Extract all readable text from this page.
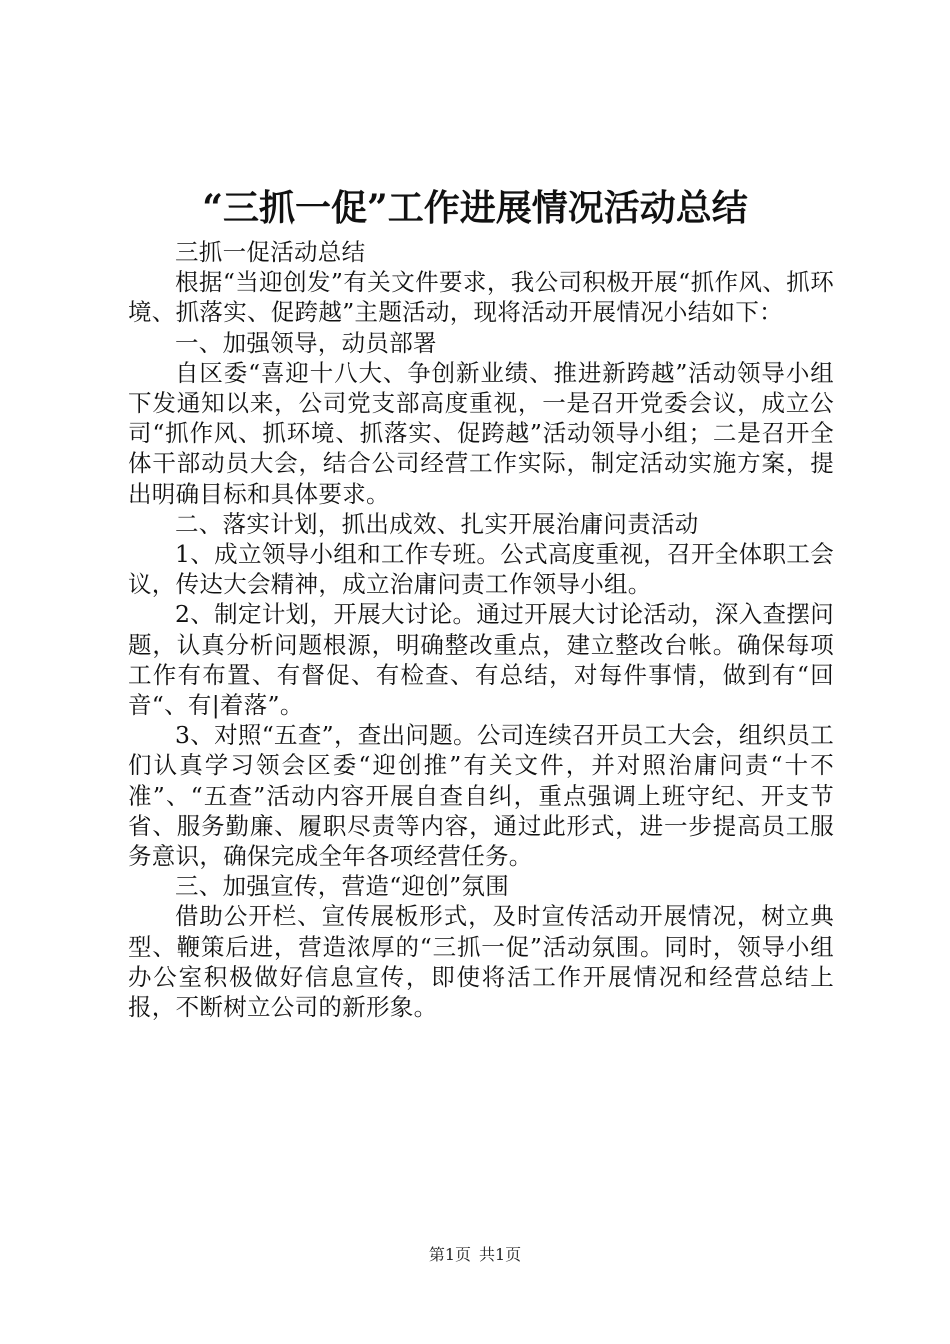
“三抓一促”工作进展情况活动总结

三抓一促活动总结

根据“当迎创发”有关文件要求，我公司积极开展“抓作风、抓环境、抓落实、促跨越”主题活动，现将活动开展情况小结如下：

一、加强领导，动员部署

自区委“喜迎十八大、争创新业绩、推进新跨越”活动领导小组下发通知以来，公司党支部高度重视，一是召开党委会议，成立公司“抓作风、抓环境、抓落实、促跨越”活动领导小组；二是召开全体干部动员大会，结合公司经营工作实际，制定活动实施方案，提出明确目标和具体要求。

二、落实计划，抓出成效、扎实开展治庸问责活动

1、成立领导小组和工作专班。公式高度重视，召开全体职工会议，传达大会精神，成立治庸问责工作领导小组。

2、制定计划，开展大讨论。通过开展大讨论活动，深入查摆问题，认真分析问题根源，明确整改重点，建立整改台帐。确保每项工作有布置、有督促、有检查、有总结，对每件事情，做到有“回音“、有|着落”。

3、对照“五查”，查出问题。公司连续召开员工大会，组织员工们认真学习领会区委“迎创推”有关文件，并对照治庸问责“十不准”、“五查”活动内容开展自查自纠，重点强调上班守纪、开支节省、服务勤廉、履职尽责等内容，通过此形式，进一步提高员工服务意识，确保完成全年各项经营任务。

三、加强宣传，营造“迎创”氛围

借助公开栏、宣传展板形式，及时宣传活动开展情况，树立典型、鞭策后进，营造浓厚的“三抓一促”活动氛围。同时，领导小组办公室积极做好信息宣传，即使将活工作开展情况和经营总结上报，不断树立公司的新形象。

第1页 共1页
